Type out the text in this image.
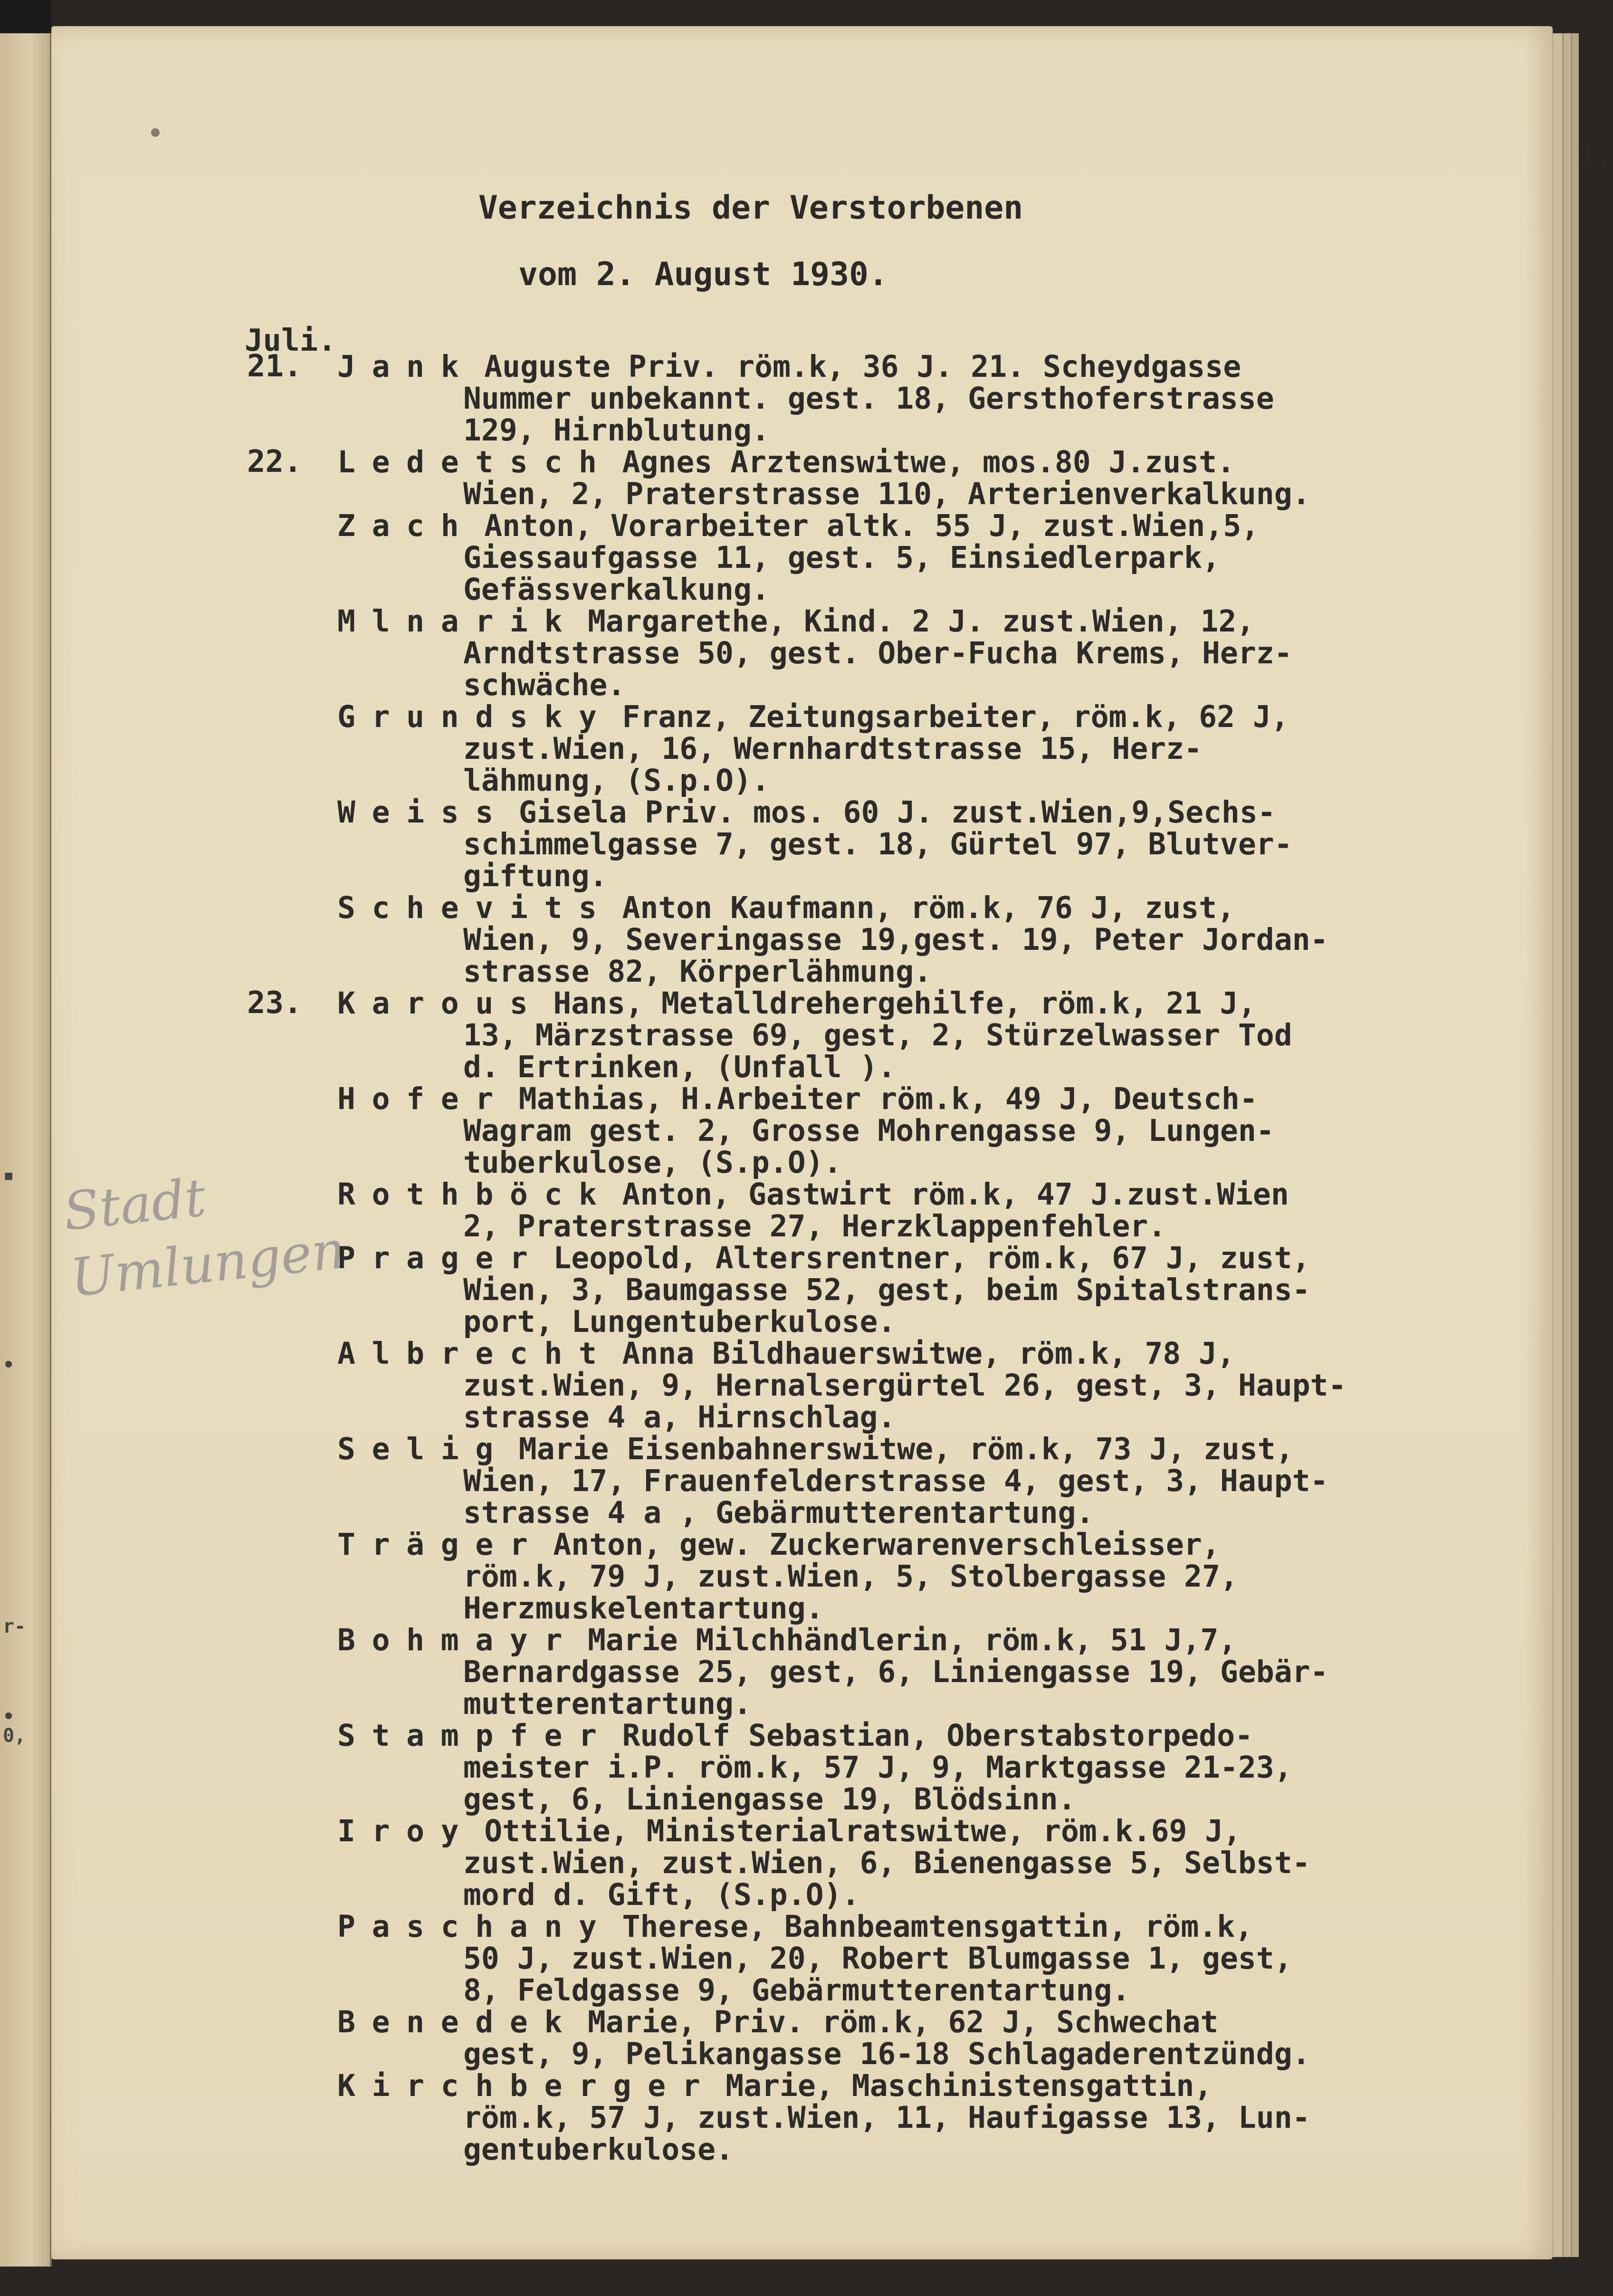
▪
•
r-
•
0,
Stadt
Umlungen
1.
Verzeichnis der Verstorbenen
vom 2. August 1930.
Juli.
21.	Jank Auguste Priv. röm.k, 36 J. 21. Scheydgasse
Nummer unbekannt. gest. 18, Gersthoferstrasse
129, Hirnblutung.
22.	Ledetsch Agnes Arztenswitwe, mos.80 J.zust.
Wien, 2, Praterstrasse 110, Arterienverkalkung.
Zach Anton, Vorarbeiter altk. 55 J, zust.Wien,5,
Giessaufgasse 11, gest. 5, Einsiedlerpark,
Gefässverkalkung.
Mlnarik Margarethe, Kind. 2 J. zust.Wien, 12,
Arndtstrasse 50, gest. Ober-Fucha Krems, Herz-
schwäche.
Grundsky Franz, Zeitungsarbeiter, röm.k, 62 J,
zust.Wien, 16, Wernhardtstrasse 15, Herz-
lähmung, (S.p.O).
Weiss Gisela Priv. mos. 60 J. zust.Wien,9,Sechs-
schimmelgasse 7, gest. 18, Gürtel 97, Blutver-
giftung.
Schevits Anton Kaufmann, röm.k, 76 J, zust,
Wien, 9, Severingasse 19,gest. 19, Peter Jordan-
strasse 82, Körperlähmung.
23.	Karous Hans, Metalldrehergehilfe, röm.k, 21 J,
13, Märzstrasse 69, gest, 2, Stürzelwasser Tod
d. Ertrinken, (Unfall ).
Hofer Mathias, H.Arbeiter röm.k, 49 J, Deutsch-
Wagram gest. 2, Grosse Mohrengasse 9, Lungen-
tuberkulose, (S.p.O).
Rothböck Anton, Gastwirt röm.k, 47 J.zust.Wien
2, Praterstrasse 27, Herzklappenfehler.
Prager Leopold, Altersrentner, röm.k, 67 J, zust,
Wien, 3, Baumgasse 52, gest, beim Spitalstrans-
port, Lungentuberkulose.
Albrecht Anna Bildhauerswitwe, röm.k, 78 J,
zust.Wien, 9, Hernalsergürtel 26, gest, 3, Haupt-
strasse 4 a, Hirnschlag.
Selig Marie Eisenbahnerswitwe, röm.k, 73 J, zust,
Wien, 17, Frauenfelderstrasse 4, gest, 3, Haupt-
strasse 4 a , Gebärmutterentartung.
Träger Anton, gew. Zuckerwarenverschleisser,
röm.k, 79 J, zust.Wien, 5, Stolbergasse 27,
Herzmuskelentartung.
Bohmayr Marie Milchhändlerin, röm.k, 51 J,7,
Bernardgasse 25, gest, 6, Liniengasse 19, Gebär-
mutterentartung.
Stampfer Rudolf Sebastian, Oberstabstorpedo-
meister i.P. röm.k, 57 J, 9, Marktgasse 21-23,
gest, 6, Liniengasse 19, Blödsinn.
Iroy Ottilie, Ministerialratswitwe, röm.k.69 J,
zust.Wien, zust.Wien, 6, Bienengasse 5, Selbst-
mord d. Gift, (S.p.O).
Paschany Therese, Bahnbeamtensgattin, röm.k,
50 J, zust.Wien, 20, Robert Blumgasse 1, gest,
8, Feldgasse 9, Gebärmutterentartung.
Benedek Marie, Priv. röm.k, 62 J, Schwechat
gest, 9, Pelikangasse 16-18 Schlagaderentzündg.
Kirchberger Marie, Maschinistensgattin,
röm.k, 57 J, zust.Wien, 11, Haufigasse 13, Lun-
gentuberkulose.
